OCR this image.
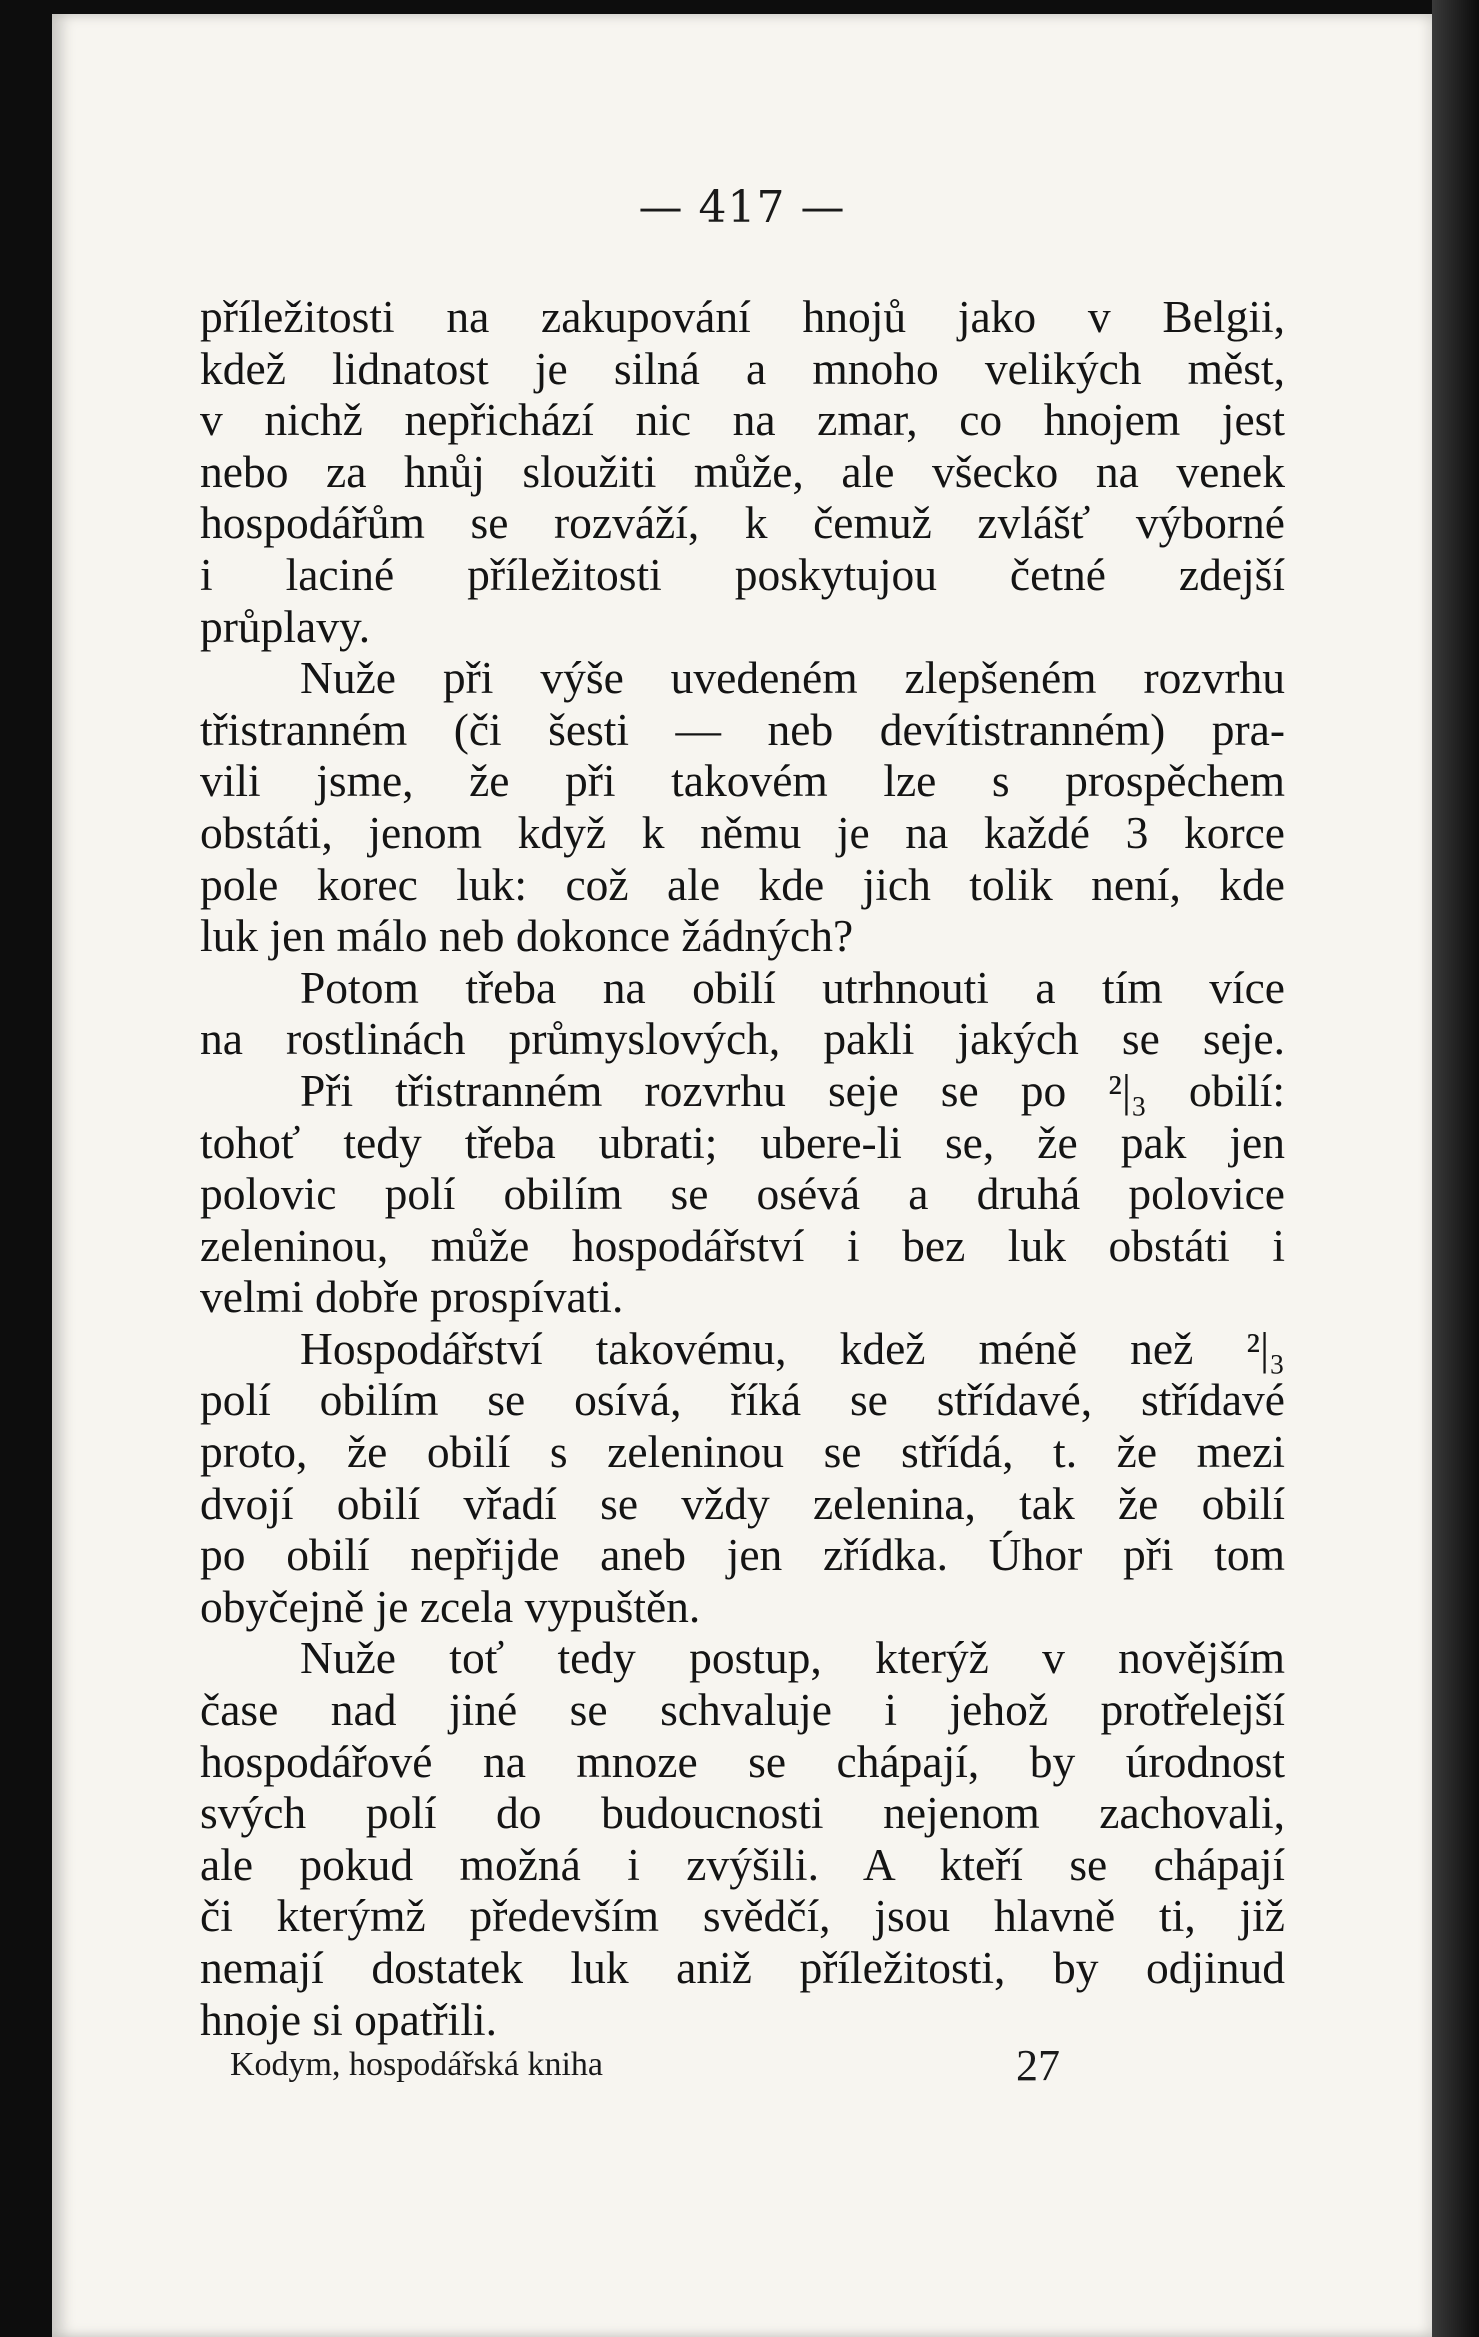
— 417 —
příležitosti na zakupování hnojů jako v Belgii,
kdež lidnatost je silná a mnoho velikých měst,
v nichž nepřichází nic na zmar, co hnojem jest
nebo za hnůj sloužiti může, ale všecko na venek
hospodářům se rozváží, k čemuž zvlášť výborné
i laciné příležitosti poskytujou četné zdejší
průplavy.
Nuže při výše uvedeném zlepšeném rozvrhu
třistranném (či šesti — neb devítistranném) pra-
vili jsme, že při takovém lze s prospěchem
obstáti, jenom když k němu je na každé 3 korce
pole korec luk: což ale kde jich tolik není, kde
luk jen málo neb dokonce žádných?
Potom třeba na obilí utrhnouti a tím více
na rostlinách průmyslových, pakli jakých se seje.
Při třistranném rozvrhu seje se po ²|₃ obilí:
tohoť tedy třeba ubrati; ubere-li se, že pak jen
polovic polí obilím se osévá a druhá polovice
zeleninou, může hospodářství i bez luk obstáti i
velmi dobře prospívati.
Hospodářství takovému, kdež méně než ²|₃
polí obilím se osívá, říká se střídavé, střídavé
proto, že obilí s zeleninou se střídá, t. že mezi
dvojí obilí vřadí se vždy zelenina, tak že obilí
po obilí nepřijde aneb jen zřídka. Úhor při tom
obyčejně je zcela vypuštěn.
Nuže toť tedy postup, kterýž v novějším
čase nad jiné se schvaluje i jehož protřelejší
hospodářové na mnoze se chápají, by úrodnost
svých polí do budoucnosti nejenom zachovali,
ale pokud možná i zvýšili. A kteří se chápají
či kterýmž především svědčí, jsou hlavně ti, již
nemají dostatek luk aniž příležitosti, by odjinud
hnoje si opatřili.
Kodym, hospodářská kniha	27
